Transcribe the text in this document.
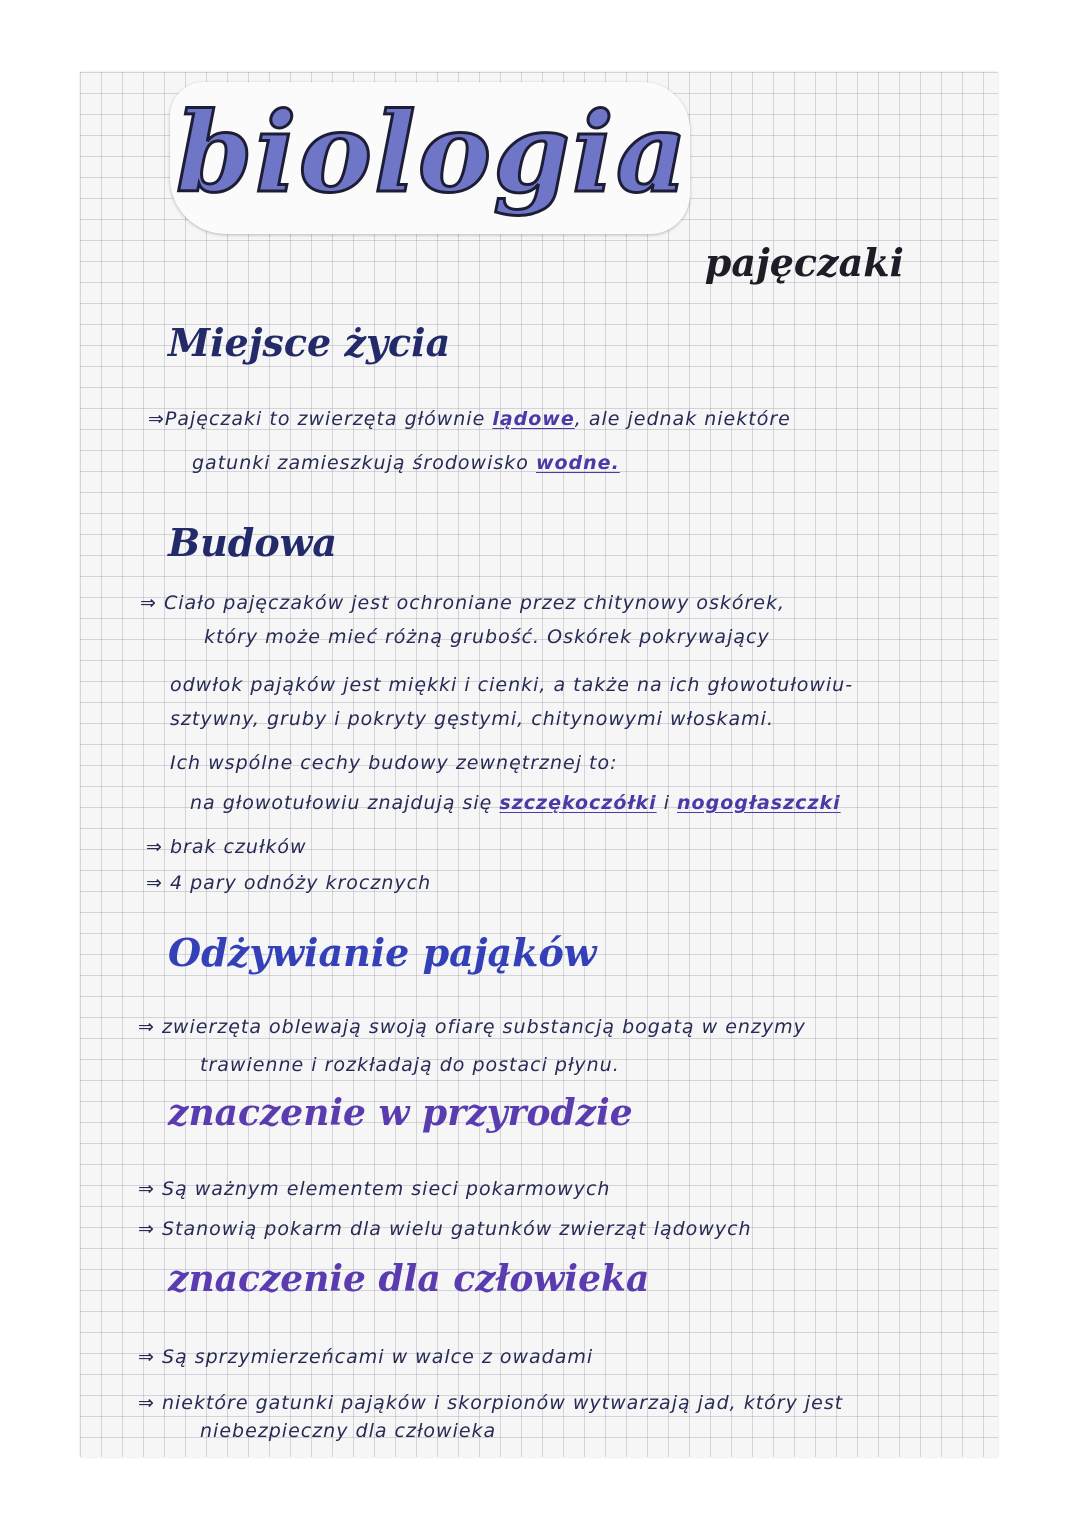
biologia
pajęczaki
Miejsce życia
⇒Pajęczaki to zwierzęta głównie lądowe, ale jednak niektóre
gatunki zamieszkują środowisko wodne.
Budowa
⇒ Ciało pajęczaków jest ochroniane przez chitynowy oskórek,
który może mieć różną grubość. Oskórek pokrywający
odwłok pająków jest miękki i cienki, a także na ich głowotułowiu-
sztywny, gruby i pokryty gęstymi, chitynowymi włoskami.
Ich wspólne cechy budowy zewnętrznej to:
na głowotułowiu znajdują się szczękoczółki i nogogłaszczki
⇒ brak czułków
⇒ 4 pary odnóży krocznych
Odżywianie pająków
⇒ zwierzęta oblewają swoją ofiarę substancją bogatą w enzymy
trawienne i rozkładają do postaci płynu.
znaczenie w przyrodzie
⇒ Są ważnym elementem sieci pokarmowych
⇒ Stanowią pokarm dla wielu gatunków zwierząt lądowych
znaczenie dla człowieka
⇒ Są sprzymierzeńcami w walce z owadami
⇒ niektóre gatunki pająków i skorpionów wytwarzają jad, który jest
niebezpieczny dla człowieka
